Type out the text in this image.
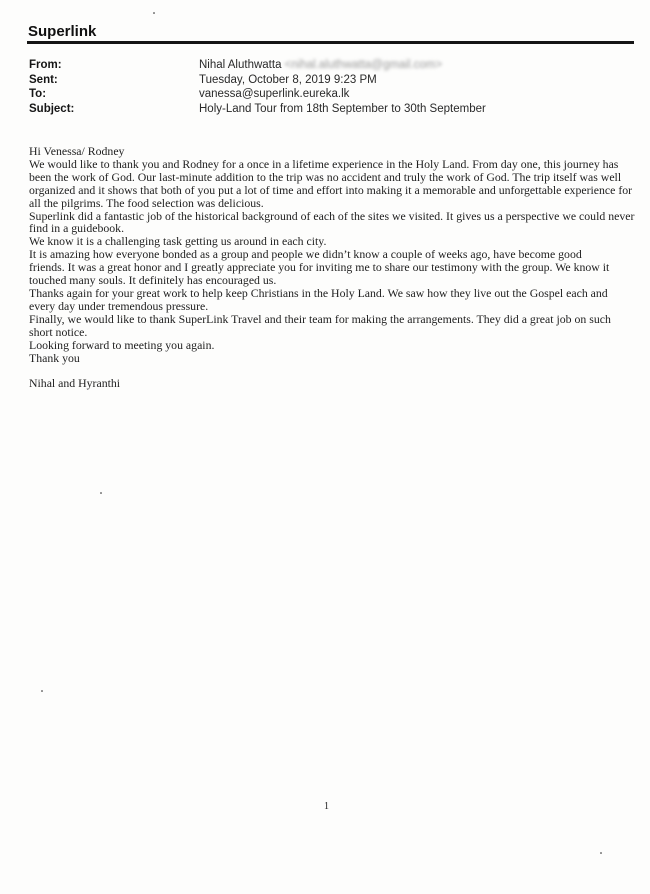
Superlink
From:	Nihal Aluthwatta <nihal.aluthwatta@gmail.com>
Sent:	Tuesday, October 8, 2019 9:23 PM
To:	vanessa@superlink.eureka.lk
Subject:	Holy-Land Tour from 18th September to 30th September

Hi Venessa/ Rodney

We would like to thank you and Rodney for a once in a lifetime experience in the Holy Land. From day one, this journey has

been the work of God. Our last-minute addition to the trip was no accident and truly the work of God. The trip itself was well

organized and it shows that both of you put a lot of time and effort into making it a memorable and unforgettable experience for

all the pilgrims. The food selection was delicious.

Superlink did a fantastic job of the historical background of each of the sites we visited. It gives us a perspective we could never

find in a guidebook.

We know it is a challenging task getting us around in each city.

It is amazing how everyone bonded as a group and people we didn’t know a couple of weeks ago, have become good

friends. It was a great honor and I greatly appreciate you for inviting me to share our testimony with the group. We know it

touched many souls. It definitely has encouraged us.

Thanks again for your great work to help keep Christians in the Holy Land. We saw how they live out the Gospel each and

every day under tremendous pressure.

Finally, we would like to thank SuperLink Travel and their team for making the arrangements. They did a great job on such

short notice.

Looking forward to meeting you again.

Thank you

Nihal and Hyranthi

1
